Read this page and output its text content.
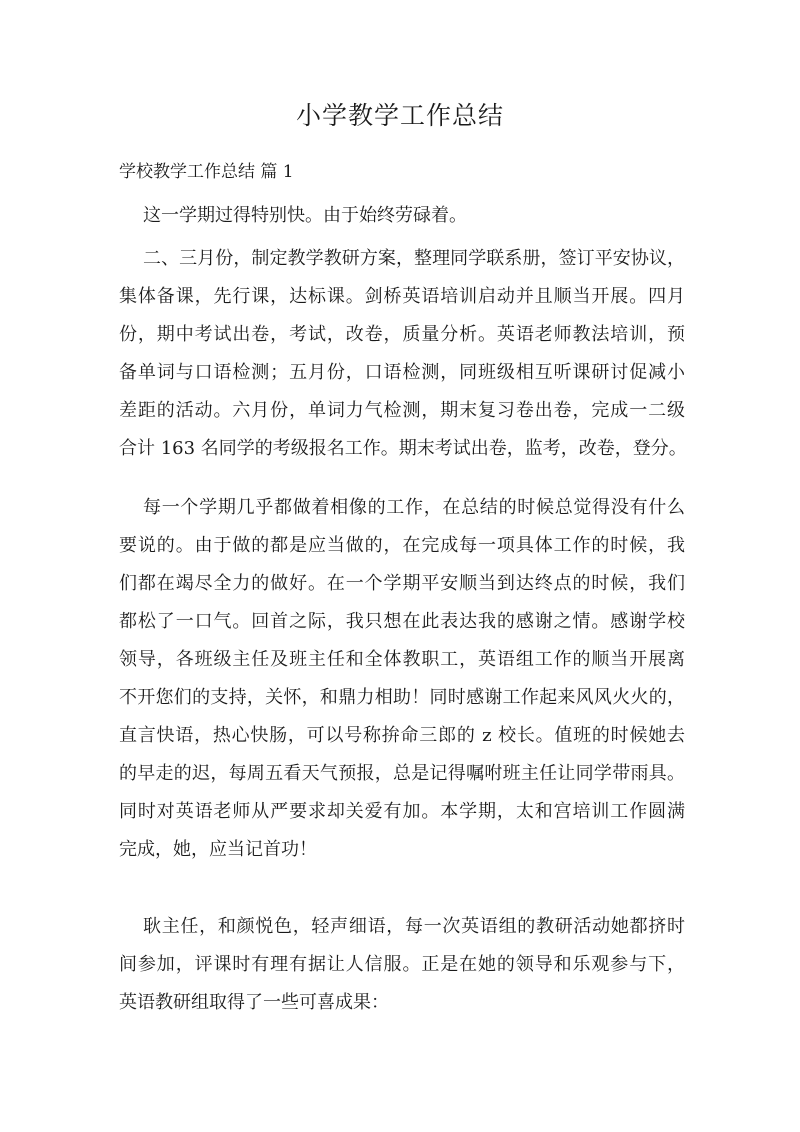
小学教学工作总结
学校教学工作总结 篇 1
这一学期过得特别快。由于始终劳碌着。
二、三月份，制定教学教研方案，整理同学联系册，签订平安协议，
集体备课，先行课，达标课。剑桥英语培训启动并且顺当开展。四月
份，期中考试出卷，考试，改卷，质量分析。英语老师教法培训，预
备单词与口语检测；五月份，口语检测，同班级相互听课研讨促减小
差距的活动。六月份，单词力气检测，期末复习卷出卷，完成一二级
合计 163 名同学的考级报名工作。期末考试出卷，监考，改卷，登分。
每一个学期几乎都做着相像的工作，在总结的时候总觉得没有什么
要说的。由于做的都是应当做的，在完成每一项具体工作的时候，我
们都在竭尽全力的做好。在一个学期平安顺当到达终点的时候，我们
都松了一口气。回首之际，我只想在此表达我的感谢之情。感谢学校
领导，各班级主任及班主任和全体教职工，英语组工作的顺当开展离
不开您们的支持，关怀，和鼎力相助！同时感谢工作起来风风火火的，
直言快语，热心快肠，可以号称拚命三郎的 z 校长。值班的时候她去
的早走的迟，每周五看天气预报，总是记得嘱咐班主任让同学带雨具。
同时对英语老师从严要求却关爱有加。本学期，太和宫培训工作圆满
完成，她，应当记首功！
耿主任，和颜悦色，轻声细语，每一次英语组的教研活动她都挤时
间参加，评课时有理有据让人信服。正是在她的领导和乐观参与下，
英语教研组取得了一些可喜成果：
